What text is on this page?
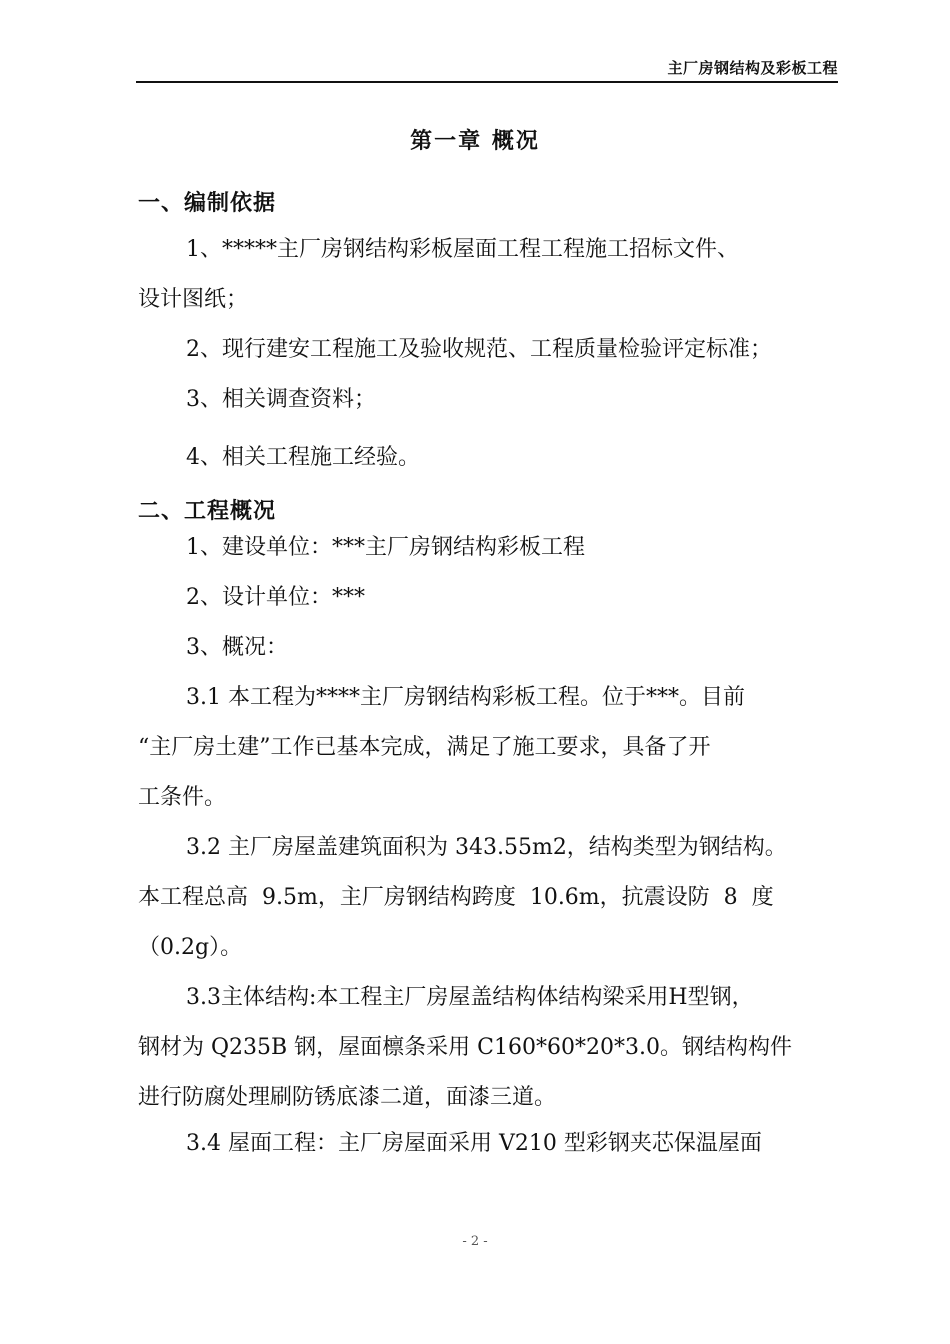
主厂房钢结构及彩板工程
第一章 概况
一、编制依据
1、*****主厂房钢结构彩板屋面工程工程施工招标文件、
设计图纸；
2、现行建安工程施工及验收规范、工程质量检验评定标准；
3、相关调查资料；
4、相关工程施工经验。
二、工程概况
1、建设单位：***主厂房钢结构彩板工程
2、设计单位：***
3、概况：
3.1 本工程为****主厂房钢结构彩板工程。位于***。目前
“主厂房土建”工作已基本完成，满足了施工要求，具备了开
工条件。
3.2 主厂房屋盖建筑面积为 343.55m2，结构类型为钢结构。
本工程总高  9.5m，主厂房钢结构跨度  10.6m，抗震设防  8  度
（0.2g）。
3.3主体结构:本工程主厂房屋盖结构体结构梁采用H型钢，
钢材为 Q235B 钢，屋面檩条采用 C160*60*20*3.0。钢结构构件
进行防腐处理刷防锈底漆二道，面漆三道。
3.4 屋面工程：主厂房屋面采用 V210 型彩钢夹芯保温屋面
- 2 -
